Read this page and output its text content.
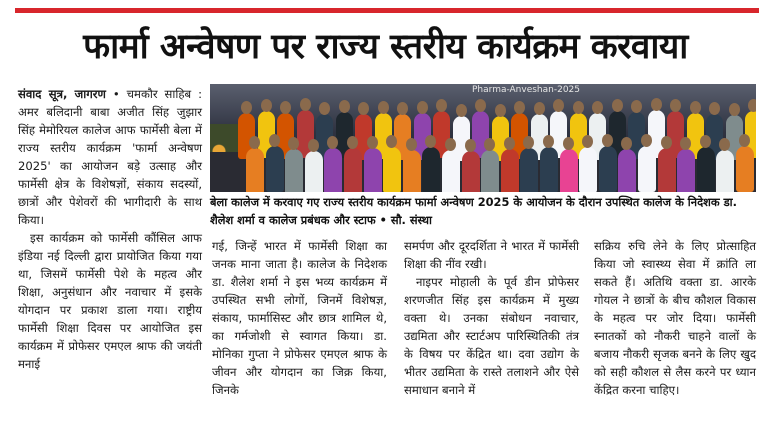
फार्मा अन्वेषण पर राज्य स्तरीय कार्यक्रम करवाया

संवाद सूत्र, जागरण • चमकौर साहिब : अमर बलिदानी बाबा अजीत सिंह जुझार सिंह मेमोरियल कालेज आफ फार्मेसी बेला में राज्य स्तरीय कार्यक्रम 'फार्मा अन्वेषण 2025' का आयोजन बड़े उत्साह और फार्मेसी क्षेत्र के विशेषज्ञों, संकाय सदस्यों, छात्रों और पेशेवरों की भागीदारी के साथ किया।

इस कार्यक्रम को फार्मेसी कौंसिल आफ इंडिया नई दिल्ली द्वारा प्रायोजित किया गया था, जिसमें फार्मेसी पेशे के महत्व और शिक्षा, अनुसंधान और नवाचार में इसके योगदान पर प्रकाश डाला गया। राष्ट्रीय फार्मेसी शिक्षा दिवस पर आयोजित इस कार्यक्रम में प्रोफेसर एमएल श्राफ की जयंती मनाई

Pharma-Anveshan-2025
बेला कालेज में करवाए गए राज्य स्तरीय कार्यक्रम फार्मा अन्वेषण 2025 के आयोजन के दौरान उपस्थित कालेज के निदेशक डा. शैलेश शर्मा व कालेज प्रबंधक और स्टाफ • सौ. संस्था

गई, जिन्हें भारत में फार्मेसी शिक्षा का जनक माना जाता है। कालेज के निदेशक डा. शैलेश शर्मा ने इस भव्य कार्यक्रम में उपस्थित सभी लोगों, जिनमें विशेषज्ञ, संकाय, फार्मासिस्ट और छात्र शामिल थे, का गर्मजोशी से स्वागत किया। डा. मोनिका गुप्ता ने प्रोफेसर एमएल श्राफ के जीवन और योगदान का जिक्र किया, जिनके

समर्पण और दूरदर्शिता ने भारत में फार्मेसी शिक्षा की नींव रखी।

नाइपर मोहाली के पूर्व डीन प्रोफेसर शरणजीत सिंह इस कार्यक्रम में मुख्य वक्ता थे। उनका संबोधन नवाचार, उद्यमिता और स्टार्टअप पारिस्थितिकी तंत्र के विषय पर केंद्रित था। दवा उद्योग के भीतर उद्यमिता के रास्ते तलाशने और ऐसे समाधान बनाने में

सक्रिय रुचि लेने के लिए प्रोत्साहित किया जो स्वास्थ्य सेवा में क्रांति ला सकते हैं। अतिथि वक्ता डा. आरके गोयल ने छात्रों के बीच कौशल विकास के महत्व पर जोर दिया। फार्मेसी स्नातकों को नौकरी चाहने वालों के बजाय नौकरी सृजक बनने के लिए खुद को सही कौशल से लैस करने पर ध्यान केंद्रित करना चाहिए।
